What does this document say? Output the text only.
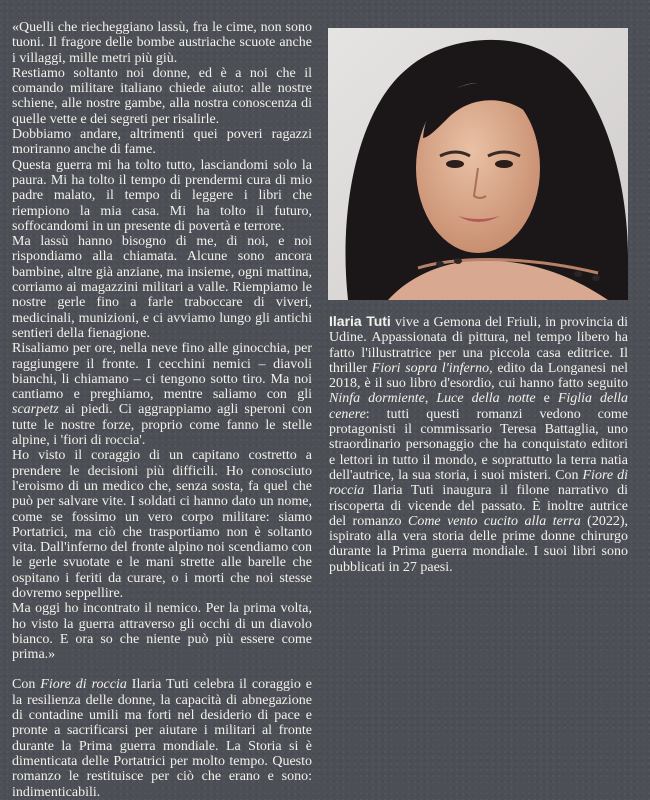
«Quelli che riecheggiano lassù, fra le cime, non sono tuoni. Il fragore delle bombe austriache scuote anche i villaggi, mille metri più giù.

Restiamo soltanto noi donne, ed è a noi che il comando militare italiano chiede aiuto: alle nostre schiene, alle nostre gambe, alla nostra conoscenza di quelle vette e dei segreti per risalirle.

Dobbiamo andare, altrimenti quei poveri ragazzi moriranno anche di fame.

Questa guerra mi ha tolto tutto, lasciandomi solo la paura. Mi ha tolto il tempo di prendermi cura di mio padre malato, il tempo di leggere i libri che riempiono la mia casa. Mi ha tolto il futuro, soffocandomi in un presente di povertà e terrore.

Ma lassù hanno bisogno di me, di noi, e noi rispondiamo alla chiamata. Alcune sono ancora bambine, altre già anziane, ma insieme, ogni mattina, corriamo ai magazzini militari a valle. Riempiamo le nostre gerle fino a farle traboccare di viveri, medicinali, munizioni, e ci avviamo lungo gli antichi sentieri della fienagione.

Risaliamo per ore, nella neve fino alle ginocchia, per raggiungere il fronte. I cecchini nemici – diavoli bianchi, li chiamano – ci tengono sotto tiro. Ma noi cantiamo e preghiamo, mentre saliamo con gli scarpetz ai piedi. Ci aggrappiamo agli speroni con tutte le nostre forze, proprio come fanno le stelle alpine, i 'fiori di roccia'.

Ho visto il coraggio di un capitano costretto a prendere le decisioni più difficili. Ho conosciuto l'eroismo di un medico che, senza sosta, fa quel che può per salvare vite. I soldati ci hanno dato un nome, come se fossimo un vero corpo militare: siamo Portatrici, ma ciò che trasportiamo non è soltanto vita. Dall'inferno del fronte alpino noi scendiamo con le gerle svuotate e le mani strette alle barelle che ospitano i feriti da curare, o i morti che noi stesse dovremo seppellire.

Ma oggi ho incontrato il nemico. Per la prima volta, ho visto la guerra attraverso gli occhi di un diavolo bianco. E ora so che niente può più essere come prima.»

Con Fiore di roccia Ilaria Tuti celebra il coraggio e la resilienza delle donne, la capacità di abnegazione di contadine umili ma forti nel desiderio di pace e pronte a sacrificarsi per aiutare i militari al fronte durante la Prima guerra mondiale. La Storia si è dimenticata delle Portatrici per molto tempo. Questo romanzo le restituisce per ciò che erano e sono: indimenticabili.

Ilaria Tuti vive a Gemona del Friuli, in provincia di Udine. Appassionata di pittura, nel tempo libero ha fatto l'illustratrice per una piccola casa editrice. Il thriller Fiori sopra l'inferno, edito da Longanesi nel 2018, è il suo libro d'esordio, cui hanno fatto seguito Ninfa dormiente, Luce della notte e Figlia della cenere: tutti questi romanzi vedono come protagonisti il commissario Teresa Battaglia, uno straordinario personaggio che ha conquistato editori e lettori in tutto il mondo, e soprattutto la terra natia dell'autrice, la sua storia, i suoi misteri. Con Fiore di roccia Ilaria Tuti inaugura il filone narrativo di riscoperta di vicende del passato. È inoltre autrice del romanzo Come vento cucito alla terra (2022), ispirato alla vera storia delle prime donne chirurgo durante la Prima guerra mondiale. I suoi libri sono pubblicati in 27 paesi.
